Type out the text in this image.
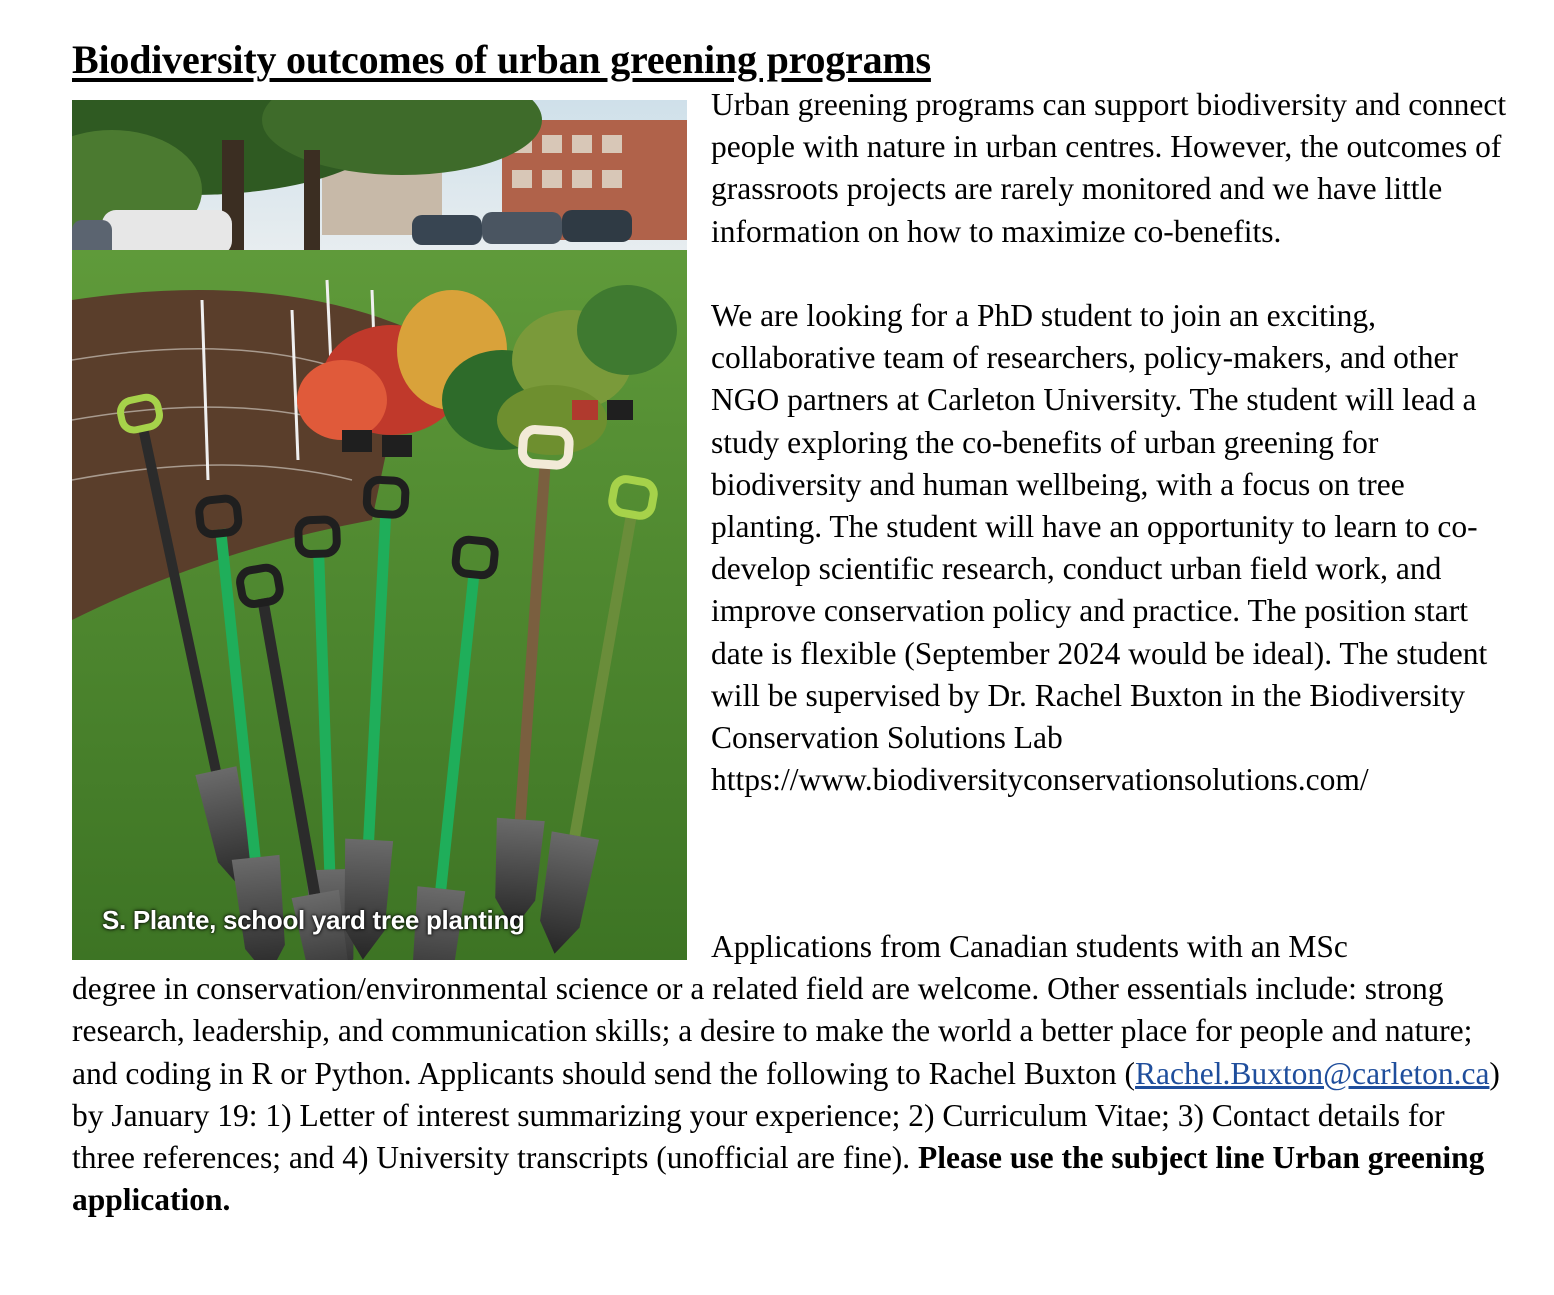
Biodiversity outcomes of urban greening programs
S. Plante, school yard tree planting

Urban greening programs can support biodiversity and connect people with nature in urban centres. However, the outcomes of grassroots projects are rarely monitored and we have little information on how to maximize co-benefits.

We are looking for a PhD student to join an exciting, collaborative team of researchers, policy-makers, and other NGO partners at Carleton University. The student will lead a study exploring the co-benefits of urban greening for biodiversity and human wellbeing, with a focus on tree planting. The student will have an opportunity to learn to co-develop scientific research, conduct urban field work, and improve conservation policy and practice. The position start date is flexible (September 2024 would be ideal). The student will be supervised by Dr. Rachel Buxton in the Biodiversity Conservation Solutions Lab https://www.biodiversityconservationsolutions.com/

Applications from Canadian students with an MSc
degree in conservation/environmental science or a related field are welcome. Other essentials include: strong research, leadership, and communication skills; a desire to make the world a better place for people and nature; and coding in R or Python. Applicants should send the following to Rachel Buxton (Rachel.Buxton@carleton.ca) by January 19: 1) Letter of interest summarizing your experience; 2) Curriculum Vitae; 3) Contact details for three references; and 4) University transcripts (unofficial are fine). Please use the subject line Urban greening application.
